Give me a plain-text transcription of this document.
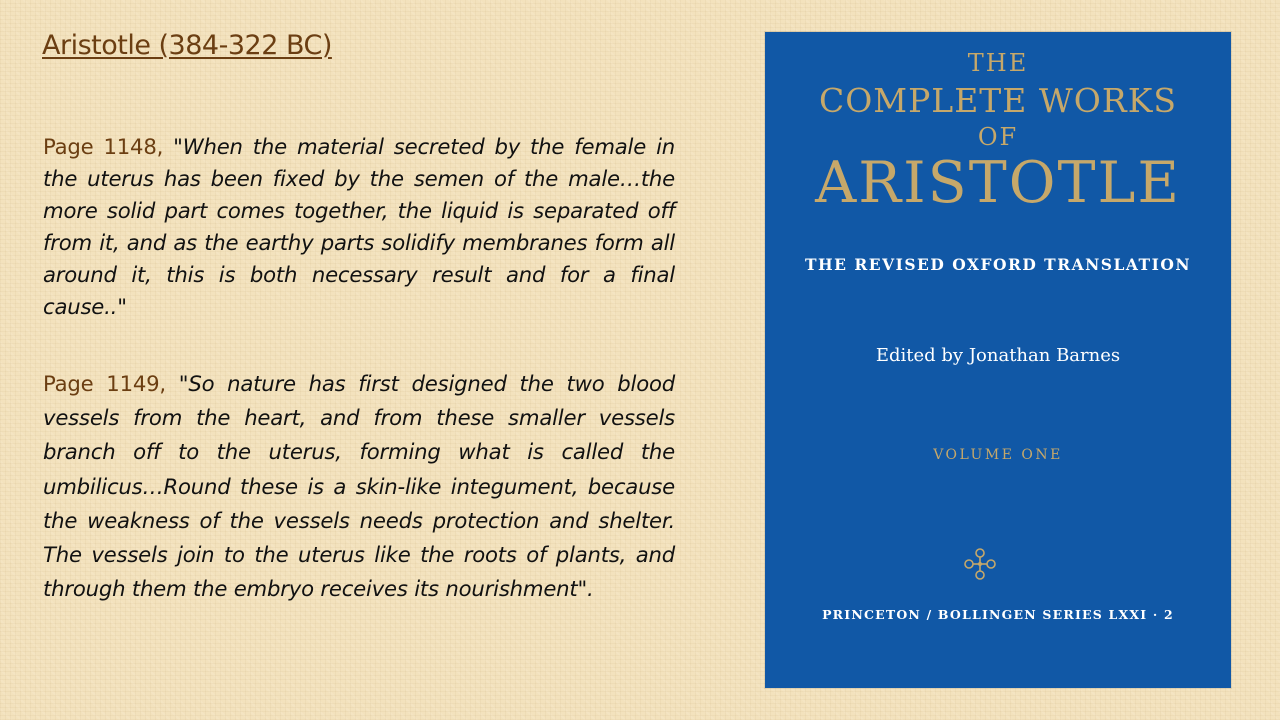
Aristotle (384-322 BC)

Page 1148, "When the material secreted by the female in the uterus has been fixed by the semen of the male…the more solid part comes together, the liquid is separated off from it, and as the earthy parts solidify membranes form all around it, this is both necessary result and for a final cause.."

Page 1149, "So nature has first designed the two blood vessels from the heart, and from these smaller vessels branch off to the uterus, forming what is called the umbilicus…Round these is a skin-like integument, because the weakness of the vessels needs protection and shelter. The vessels join to the uterus like the roots of plants, and through them the embryo receives its nourishment".

THE
COMPLETE WORKS
OF
ARISTOTLE
THE REVISED OXFORD TRANSLATION
Edited by Jonathan Barnes
VOLUME ONE
PRINCETON / BOLLINGEN SERIES LXXI · 2
